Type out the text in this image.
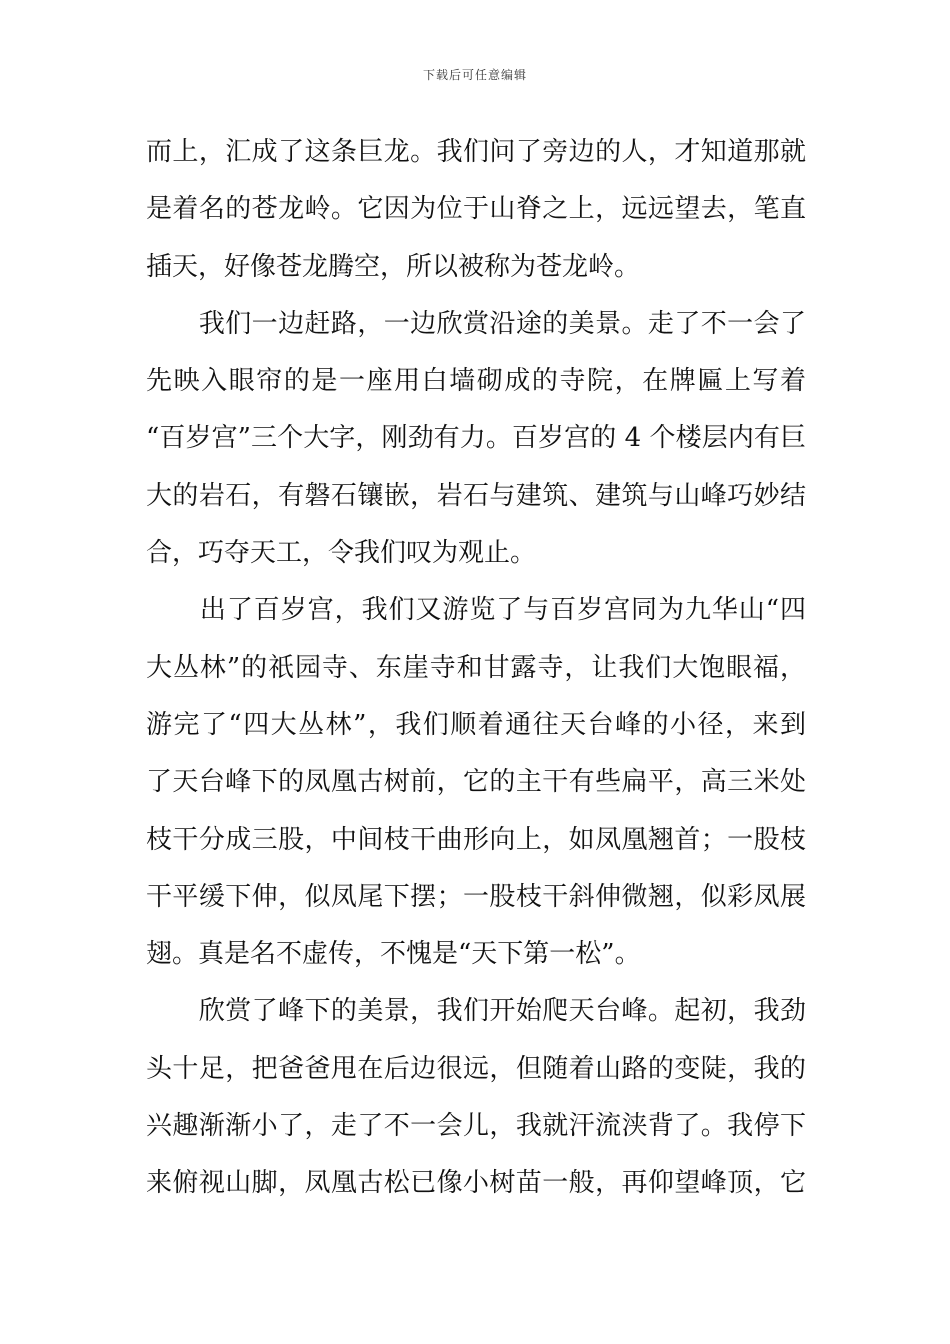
下载后可任意编辑
而上，汇成了这条巨龙。我们问了旁边的人，才知道那就
是着名的苍龙岭。它因为位于山脊之上，远远望去，笔直
插天，好像苍龙腾空，所以被称为苍龙岭。
　　我们一边赶路，一边欣赏沿途的美景。走了不一会了
先映入眼帘的是一座用白墙砌成的寺院，在牌匾上写着
“百岁宫”三个大字，刚劲有力。百岁宫的 4 个楼层内有巨
大的岩石，有磐石镶嵌，岩石与建筑、建筑与山峰巧妙结
合，巧夺天工，令我们叹为观止。
　　出了百岁宫，我们又游览了与百岁宫同为九华山“四
大丛林”的祇园寺、东崖寺和甘露寺，让我们大饱眼福，
游完了“四大丛林”，我们顺着通往天台峰的小径，来到
了天台峰下的凤凰古树前，它的主干有些扁平，高三米处
枝干分成三股，中间枝干曲形向上，如凤凰翘首；一股枝
干平缓下伸，似凤尾下摆；一股枝干斜伸微翘，似彩凤展
翅。真是名不虚传，不愧是“天下第一松”。
　　欣赏了峰下的美景，我们开始爬天台峰。起初，我劲
头十足，把爸爸甩在后边很远，但随着山路的变陡，我的
兴趣渐渐小了，走了不一会儿，我就汗流浃背了。我停下
来俯视山脚，凤凰古松已像小树苗一般，再仰望峰顶，它
